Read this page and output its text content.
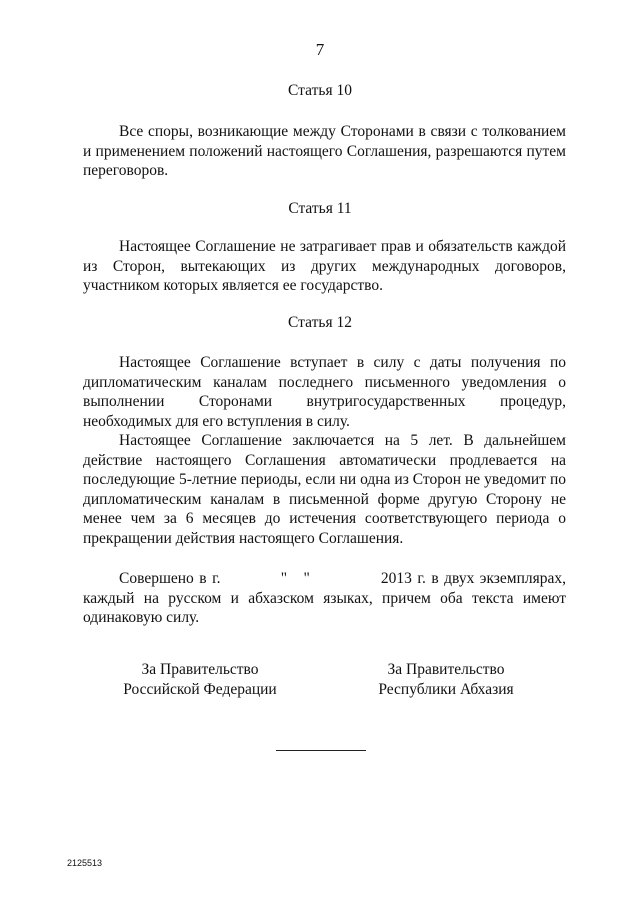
7
Статья 10
Все споры, возникающие между Сторонами в связи с толкованием и применением положений настоящего Соглашения, разрешаются путем переговоров.
Статья 11
Настоящее Соглашение не затрагивает прав и обязательств каждой из Сторон, вытекающих из других международных договоров, участником которых является ее государство.
Статья 12
Настоящее Соглашение вступает в силу с даты получения по дипломатическим каналам последнего письменного уведомления о выполнении Сторонами внутригосударственных процедур, необходимых для его вступления в силу.
Настоящее Соглашение заключается на 5 лет. В дальнейшем действие настоящего Соглашения автоматически продлевается на последующие 5-летние периоды, если ни одна из Сторон не уведомит по дипломатическим каналам в письменной форме другую Сторону не менее чем за 6 месяцев до истечения соответствующего периода о прекращении действия настоящего Соглашения.
Совершено в г.           "   "             2013 г. в двух экземплярах, каждый на русском и абхазском языках, причем оба текста имеют одинаковую силу.
За Правительство
Российской Федерации
За Правительство
Республики Абхазия
2125513
